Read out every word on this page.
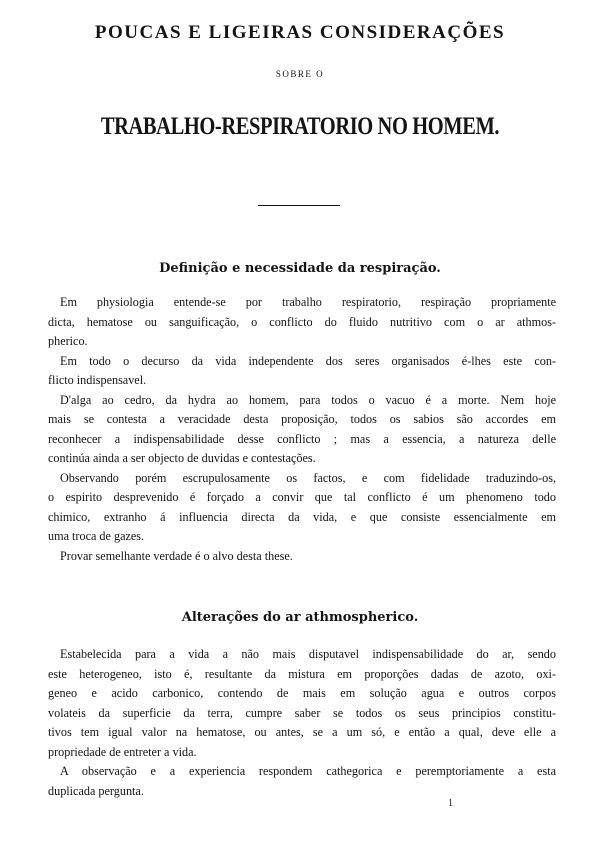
POUCAS E LIGEIRAS CONSIDERAÇÕES
SOBRE O
TRABALHO-RESPIRATORIO NO HOMEM.
Definição e necessidade da respiração.
Em physiologia entende-se por trabalho respiratorio, respiração propriamente
dicta, hematose ou sanguificação, o conflicto do fluido nutritivo com o ar athmos-
pherico.
Em todo o decurso da vida independente dos seres organisados é-lhes este con-
flicto indispensavel.
D'alga ao cedro, da hydra ao homem, para todos o vacuo é a morte. Nem hoje
mais se contesta a veracidade desta proposição, todos os sabios são accordes em
reconhecer a indispensabilidade desse conflicto ; mas a essencia, a natureza delle
continúa ainda a ser objecto de duvidas e contestações.
Observando porém escrupulosamente os factos, e com fidelidade traduzindo-os,
o espirito desprevenido é forçado a convir que tal conflicto é um phenomeno todo
chimico, extranho á influencia directa da vida, e que consiste essencialmente em
uma troca de gazes.
Provar semelhante verdade é o alvo desta these.
Alterações do ar athmospherico.
Estabelecida para a vida a não mais disputavel indispensabilidade do ar, sendo
este heterogeneo, isto é, resultante da mistura em proporções dadas de azoto, oxi-
geneo e acido carbonico, contendo de mais em solução agua e outros corpos
volateis da superficie da terra, cumpre saber se todos os seus principios constitu-
tivos tem igual valor na hematose, ou antes, se a um só, e então a qual, deve elle a
propriedade de entreter a vida.
A observação e a experiencia respondem cathegorica e peremptoriamente a esta
duplicada pergunta.
1
